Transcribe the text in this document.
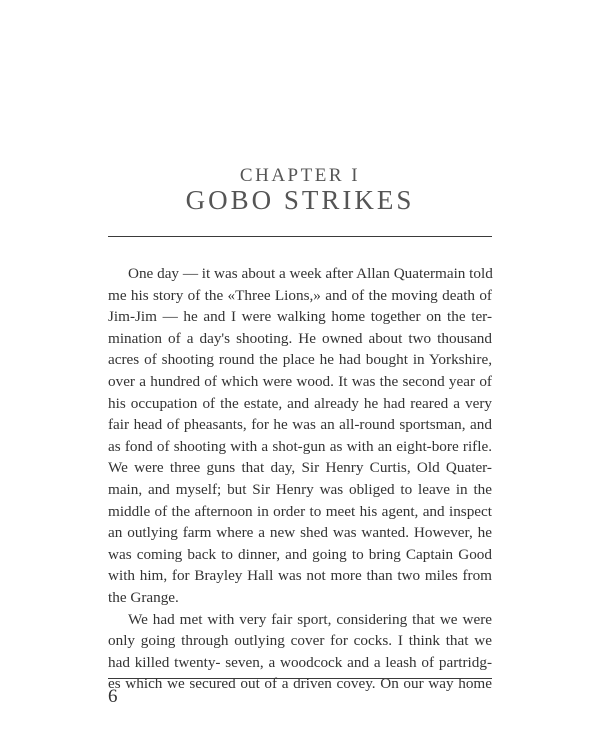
CHAPTER I
GOBO STRIKES
One day — it was about a week after Allan Quatermain told
me his story of the «Three Lions,» and of the moving death of
Jim-Jim — he and I were walking home together on the ter-
mination of a day's shooting. He owned about two thousand
acres of shooting round the place he had bought in Yorkshire,
over a hundred of which were wood. It was the second year of
his occupation of the estate, and already he had reared a very
fair head of pheasants, for he was an all-round sportsman, and
as fond of shooting with a shot-gun as with an eight-bore rifle.
We were three guns that day, Sir Henry Curtis, Old Quater-
main, and myself; but Sir Henry was obliged to leave in the
middle of the afternoon in order to meet his agent, and inspect
an outlying farm where a new shed was wanted. However, he
was coming back to dinner, and going to bring Captain Good
with him, for Brayley Hall was not more than two miles from
the Grange.
We had met with very fair sport, considering that we were
only going through outlying cover for cocks. I think that we
had killed twenty- seven, a woodcock and a leash of partridg-
es which we secured out of a driven covey. On our way home
6
